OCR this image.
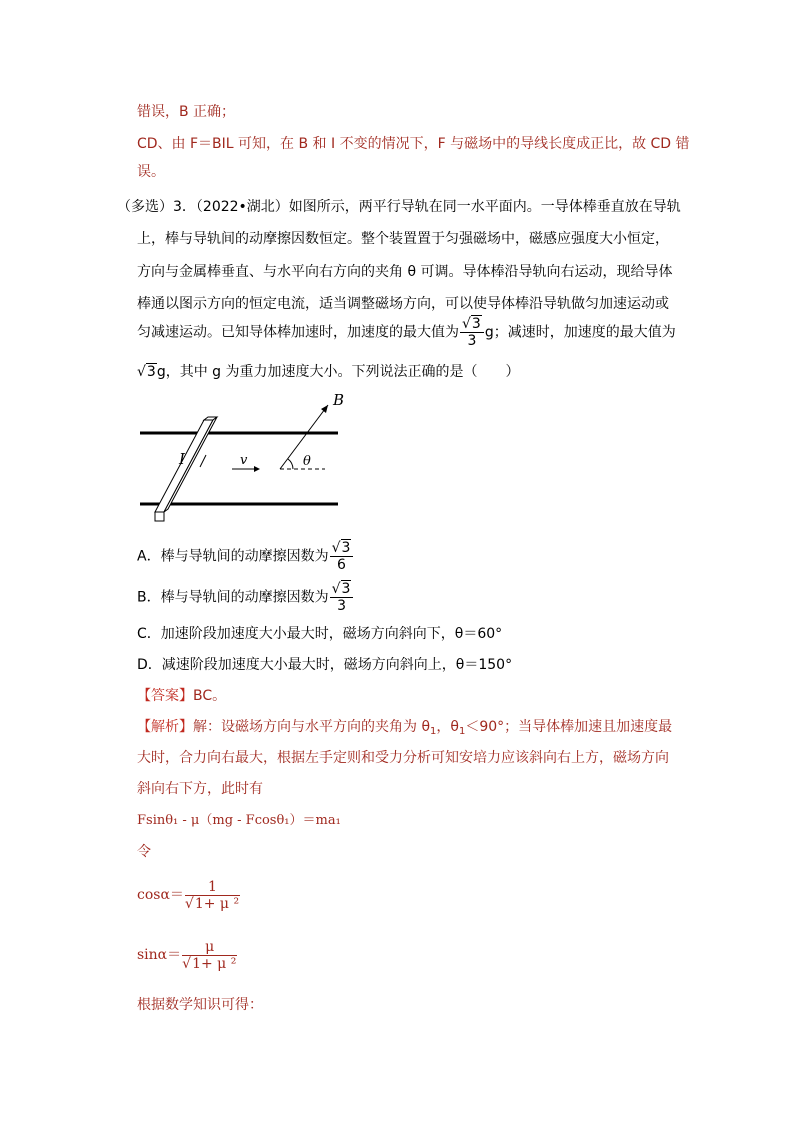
错误，B 正确；
CD、由 F＝BIL 可知，在 B 和 I 不变的情况下，F 与磁场中的导线长度成正比，故 CD 错
误。
（多选）3．（2022•湖北）如图所示，两平行导轨在同一水平面内。一导体棒垂直放在导轨
上，棒与导轨间的动摩擦因数恒定。整个装置置于匀强磁场中，磁感应强度大小恒定，
方向与金属棒垂直、与水平向右方向的夹角 θ 可调。导体棒沿导轨向右运动，现给导体
棒通以图示方向的恒定电流，适当调整磁场方向，可以使导体棒沿导轨做匀加速运动或
匀减速运动。已知导体棒加速时，加速度的最大值为 $\frac{√3}{3}$ g；减速时，加速度的最大值为
√3g，其中 g 为重力加速度大小。下列说法正确的是（　　）
I	v
B
θ
A．棒与导轨间的动摩擦因数为 $\frac{√3}{6}$
B．棒与导轨间的动摩擦因数为 $\frac{√3}{3}$
C．加速阶段加速度大小最大时，磁场方向斜向下，θ＝60°
D．减速阶段加速度大小最大时，磁场方向斜向上，θ＝150°
【答案】BC。
【解析】解：设磁场方向与水平方向的夹角为 $\theta_1$，$\theta_1<90^\circ$；当导体棒加速且加速度最
大时，合力向右最大，根据左手定则和受力分析可知安培力应该斜向右上方，磁场方向
斜向右下方，此时有
Fsinθ₁ - μ（mg - Fcosθ₁）＝ma₁
令
$\cos\alpha= \frac{1}{\text{√1+ μ ²}}$
$\sin\alpha= \frac{\mu}{\text{√1+ μ ²}}$
根据数学知识可得：
